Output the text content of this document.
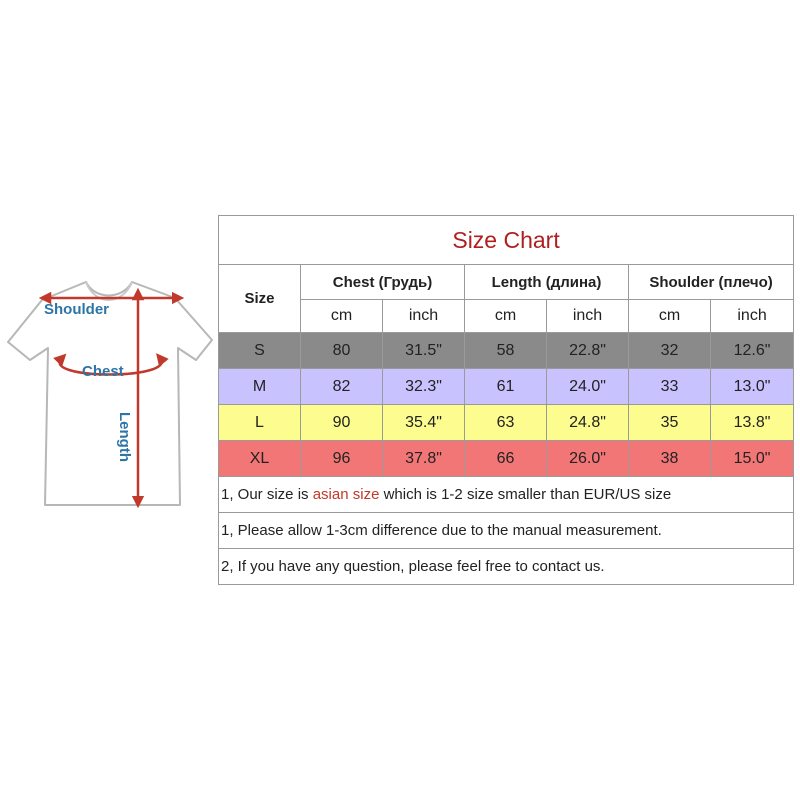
Shoulder
Chest
Length
Size Chart						
Size	Chest (Грудь)		Length (длина)		Shoulder (плечо)	
	cm	inch	cm	inch	cm	inch
S	80	31.5"	58	22.8"	32	12.6"
M	82	32.3"	61	24.0"	33	13.0"
L	90	35.4"	63	24.8"	35	13.8"
XL	96	37.8"	66	26.0"	38	15.0"
1, Our size is asian size which is 1-2 size smaller than EUR/US size						
1, Please allow 1-3cm difference due to the manual measurement.						
2, If you have any question, please feel free to contact us.						
